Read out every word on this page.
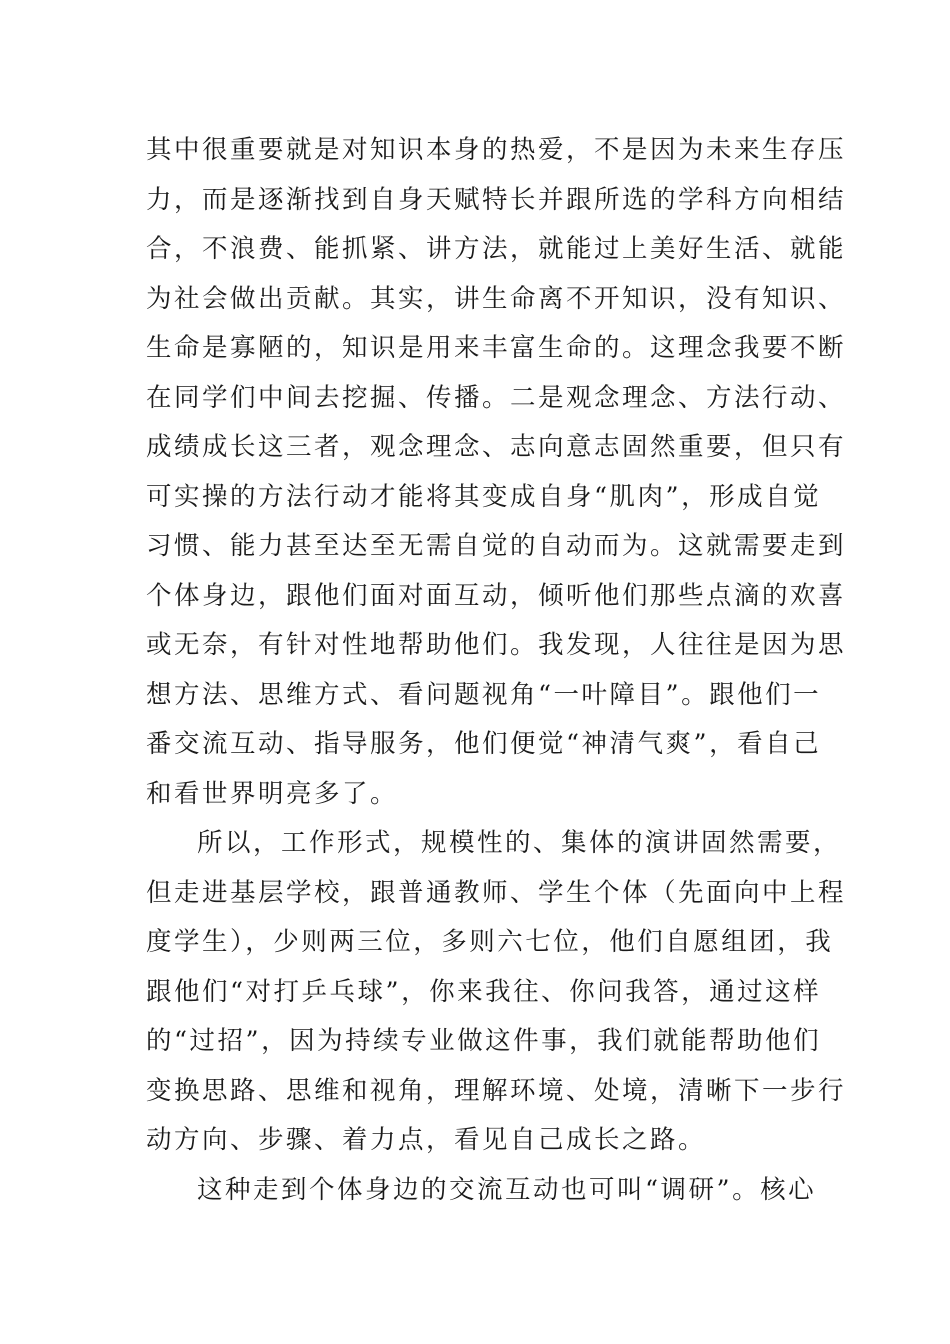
其中很重要就是对知识本身的热爱，不是因为未来生存压
力，而是逐渐找到自身天赋特长并跟所选的学科方向相结
合，不浪费、能抓紧、讲方法，就能过上美好生活、就能
为社会做出贡献。其实，讲生命离不开知识，没有知识、
生命是寡陋的，知识是用来丰富生命的。这理念我要不断
在同学们中间去挖掘、传播。二是观念理念、方法行动、
成绩成长这三者，观念理念、志向意志固然重要，但只有
可实操的方法行动才能将其变成自身“肌肉”，形成自觉
习惯、能力甚至达至无需自觉的自动而为。这就需要走到
个体身边，跟他们面对面互动，倾听他们那些点滴的欢喜
或无奈，有针对性地帮助他们。我发现，人往往是因为思
想方法、思维方式、看问题视角“一叶障目”。跟他们一
番交流互动、指导服务，他们便觉“神清气爽”，看自己
和看世界明亮多了。
所以，工作形式，规模性的、集体的演讲固然需要，
但走进基层学校，跟普通教师、学生个体（先面向中上程
度学生），少则两三位，多则六七位，他们自愿组团，我
跟他们“对打乒乓球”，你来我往、你问我答，通过这样
的“过招”，因为持续专业做这件事，我们就能帮助他们
变换思路、思维和视角，理解环境、处境，清晰下一步行
动方向、步骤、着力点，看见自己成长之路。
这种走到个体身边的交流互动也可叫“调研”。核心
